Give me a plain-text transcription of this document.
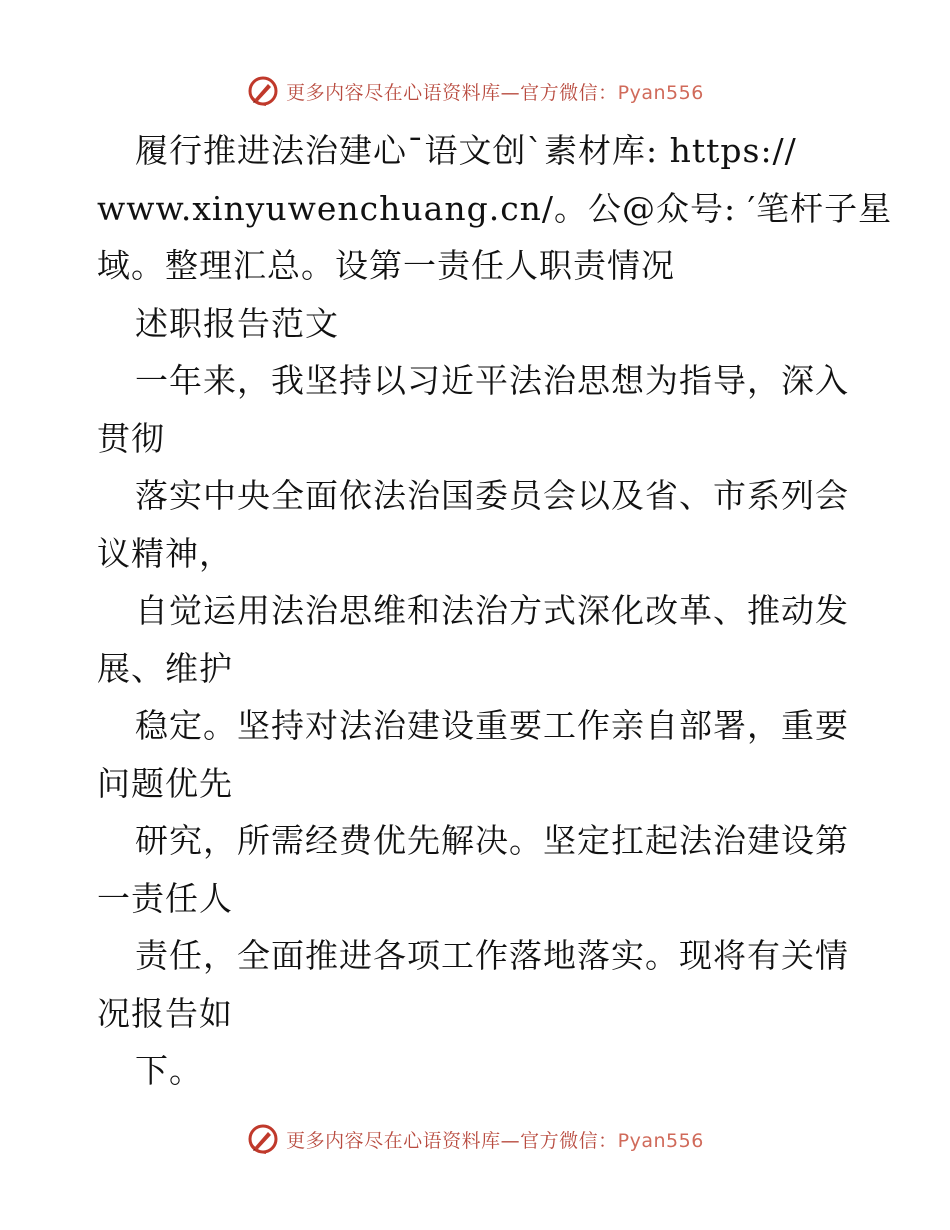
更多内容尽在心语资料库—官方微信：Pyan556
履行推进法治建心¯语文创`素材库: https://
www.xinyuwenchuang.cn/。公@众号: ′笔杆子星
域。整理汇总。设第一责任人职责情况
述职报告范文
一年来，我坚持以习近平法治思想为指导，深入
贯彻
落实中央全面依法治国委员会以及省、市系列会
议精神，
自觉运用法治思维和法治方式深化改革、推动发
展、维护
稳定。坚持对法治建设重要工作亲自部署，重要
问题优先
研究，所需经费优先解决。坚定扛起法治建设第
一责任人
责任，全面推进各项工作落地落实。现将有关情
况报告如
下。
更多内容尽在心语资料库—官方微信：Pyan556
